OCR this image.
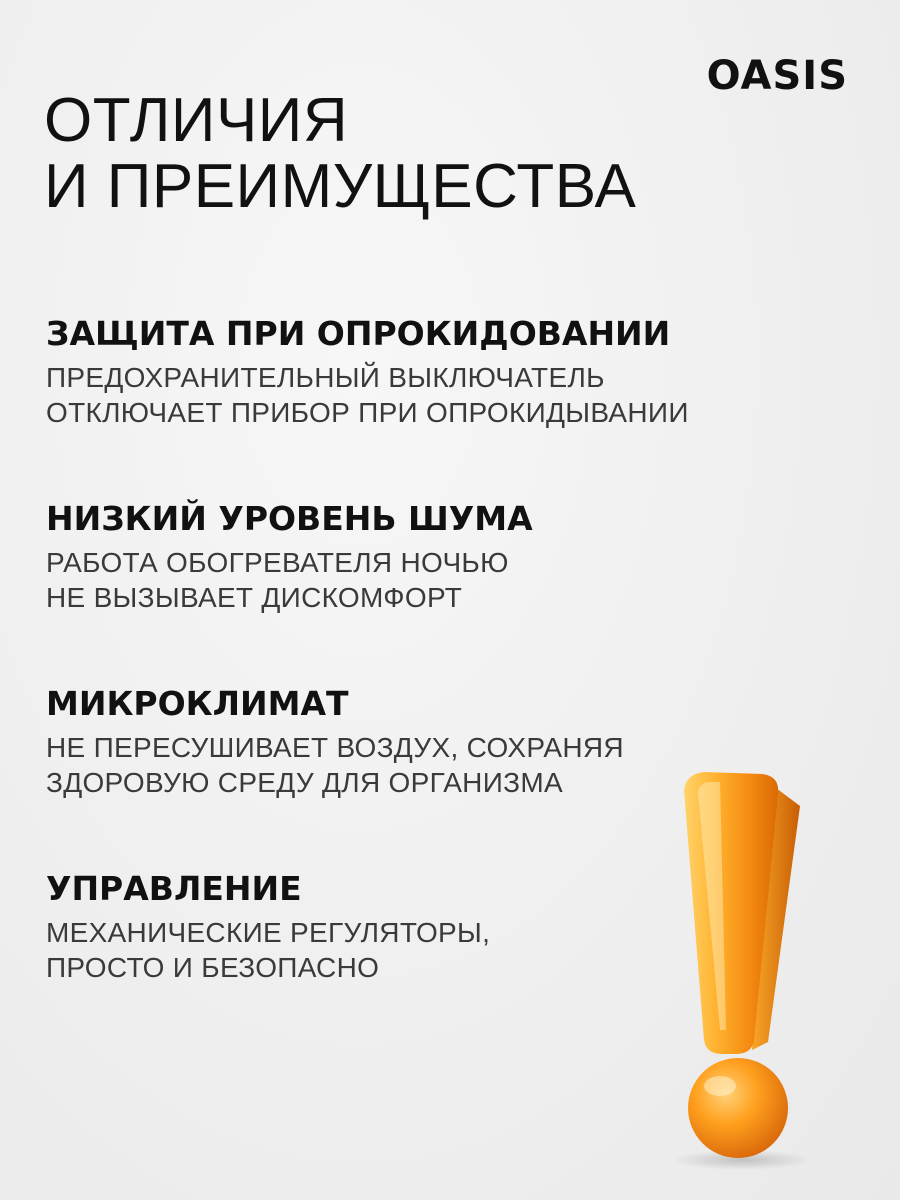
OASIS
ОТЛИЧИЯ
И ПРЕИМУЩЕСТВА
ЗАЩИТА ПРИ ОПРОКИДОВАНИИ

ПРЕДОХРАНИТЕЛЬНЫЙ ВЫКЛЮЧАТЕЛЬ
ОТКЛЮЧАЕТ ПРИБОР ПРИ ОПРОКИДЫВАНИИ

НИЗКИЙ УРОВЕНЬ ШУМА

РАБОТА ОБОГРЕВАТЕЛЯ НОЧЬЮ
НЕ ВЫЗЫВАЕТ ДИСКОМФОРТ

МИКРОКЛИМАТ

НЕ ПЕРЕСУШИВАЕТ ВОЗДУХ, СОХРАНЯЯ
ЗДОРОВУЮ СРЕДУ ДЛЯ ОРГАНИЗМА

УПРАВЛЕНИЕ

МЕХАНИЧЕСКИЕ РЕГУЛЯТОРЫ,
ПРОСТО И БЕЗОПАСНО
